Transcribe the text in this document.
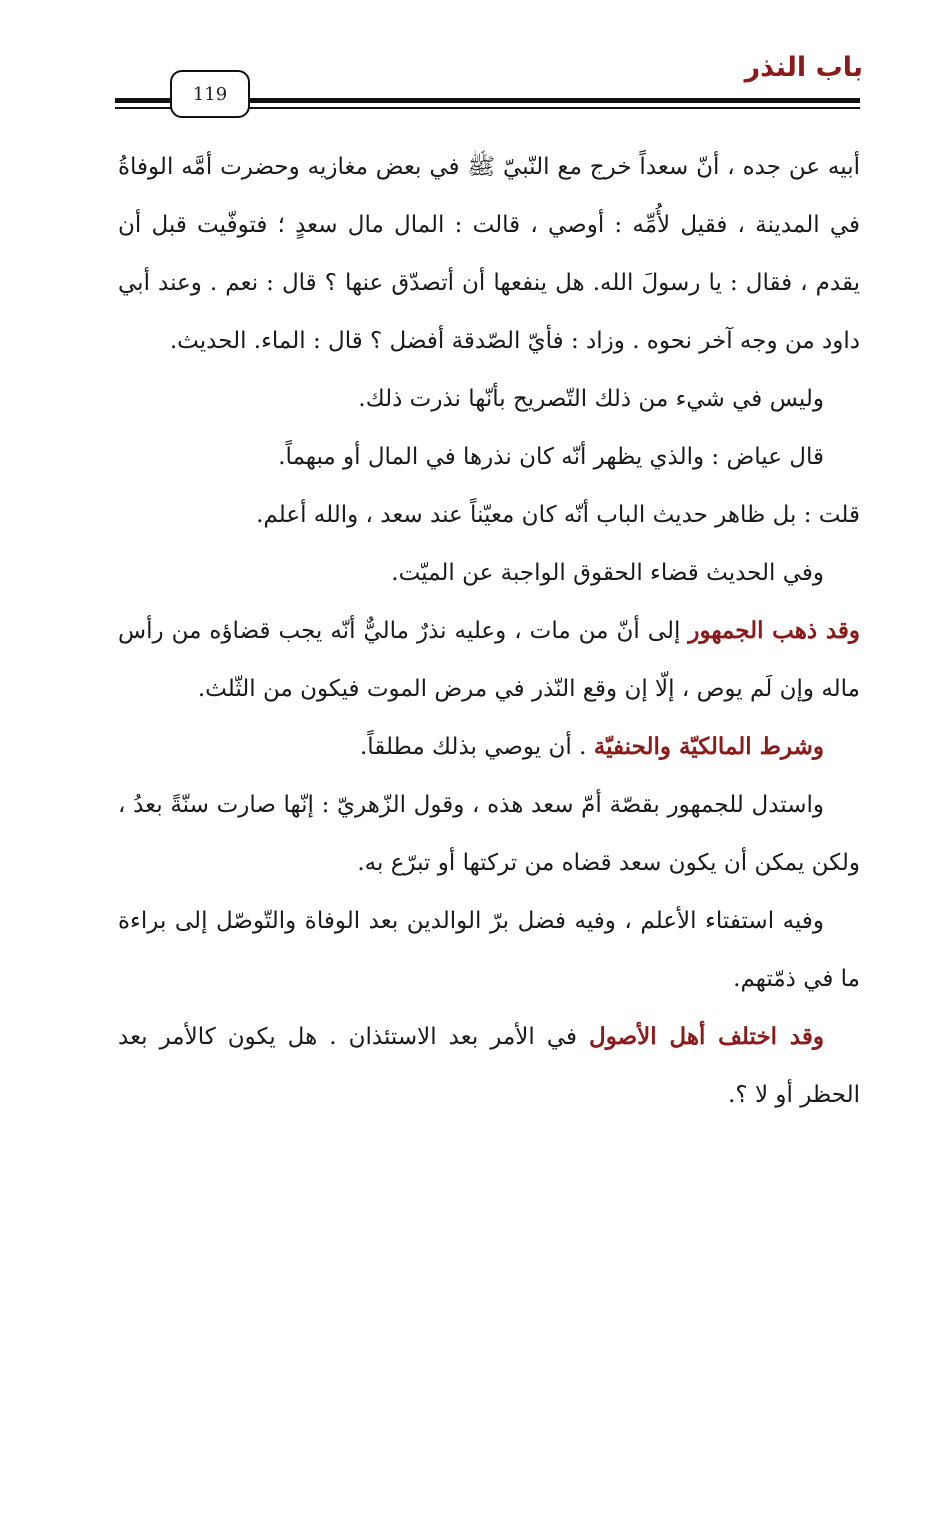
باب النذر
119

أبيه عن جده ، أنّ سعداً خرج مع النّبيّ ﷺ في بعض مغازيه وحضرت أمَّه الوفاةُ في المدينة ، فقيل لأُمِّه : أوصي ، قالت : المال مال سعدٍ ؛ فتوفّيت قبل أن يقدم ، فقال : يا رسولَ الله. هل ينفعها أن أتصدّق عنها ؟ قال : نعم . وعند أبي داود من وجه آخر نحوه . وزاد : فأيّ الصّدقة أفضل ؟ قال : الماء. الحديث.

وليس في شيء من ذلك التّصريح بأنّها نذرت ذلك.

قال عياض : والذي يظهر أنّه كان نذرها في المال أو مبهماً.

قلت : بل ظاهر حديث الباب أنّه كان معيّناً عند سعد ، والله أعلم.

وفي الحديث قضاء الحقوق الواجبة عن الميّت.

وقد ذهب الجمهور إلى أنّ من مات ، وعليه نذرٌ ماليٌّ أنّه يجب قضاؤه من رأس ماله وإن لَم يوص ، إلّا إن وقع النّذر في مرض الموت فيكون من الثّلث.

وشرط المالكيّة والحنفيّة . أن يوصي بذلك مطلقاً.

واستدل للجمهور بقصّة أمّ سعد هذه ، وقول الزّهريّ : إنّها صارت سنّةً بعدُ ، ولكن يمكن أن يكون سعد قضاه من تركتها أو تبرّع به.

وفيه استفتاء الأعلم ، وفيه فضل برّ الوالدين بعد الوفاة والتّوصّل إلى براءة ما في ذمّتهم.

وقد اختلف أهل الأصول في الأمر بعد الاستئذان . هل يكون كالأمر بعد الحظر أو لا ؟.
